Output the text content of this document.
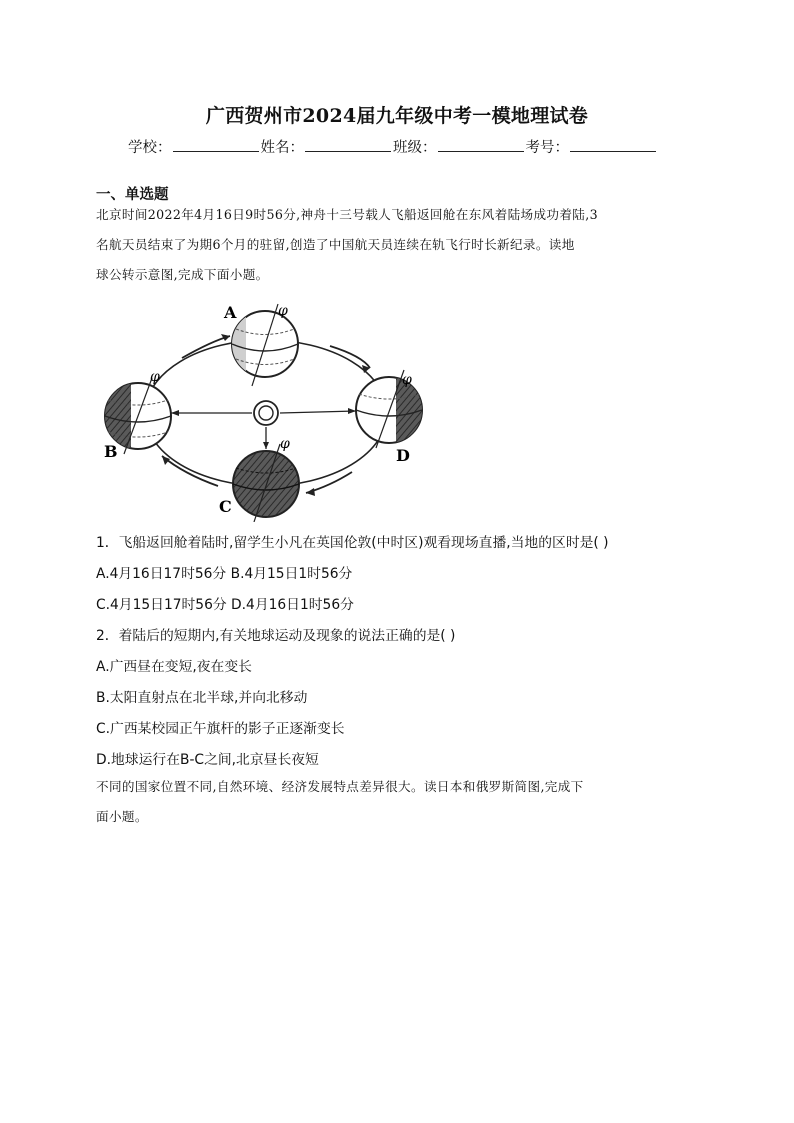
广西贺州市2024届九年级中考一模地理试卷
学校：	姓名：	班级：	考号：
一、单选题
北京时间2022年4月16日9时56分,神舟十三号载人飞船返回舱在东风着陆场成功着陆,3
名航天员结束了为期6个月的驻留,创造了中国航天员连续在轨飞行时长新纪录。读地
球公转示意图,完成下面小题。
φ
φ
φ
φ
A
B
C
D
1．飞船返回舱着陆时,留学生小凡在英国伦敦(中时区)观看现场直播,当地的区时是( )
A.4月16日17时56分 B.4月15日1时56分
C.4月15日17时56分 D.4月16日1时56分
2．着陆后的短期内,有关地球运动及现象的说法正确的是( )
A.广西昼在变短,夜在变长
B.太阳直射点在北半球,并向北移动
C.广西某校园正午旗杆的影子正逐渐变长
D.地球运行在B-C之间,北京昼长夜短
不同的国家位置不同,自然环境、经济发展特点差异很大。读日本和俄罗斯简图,完成下
面小题。
